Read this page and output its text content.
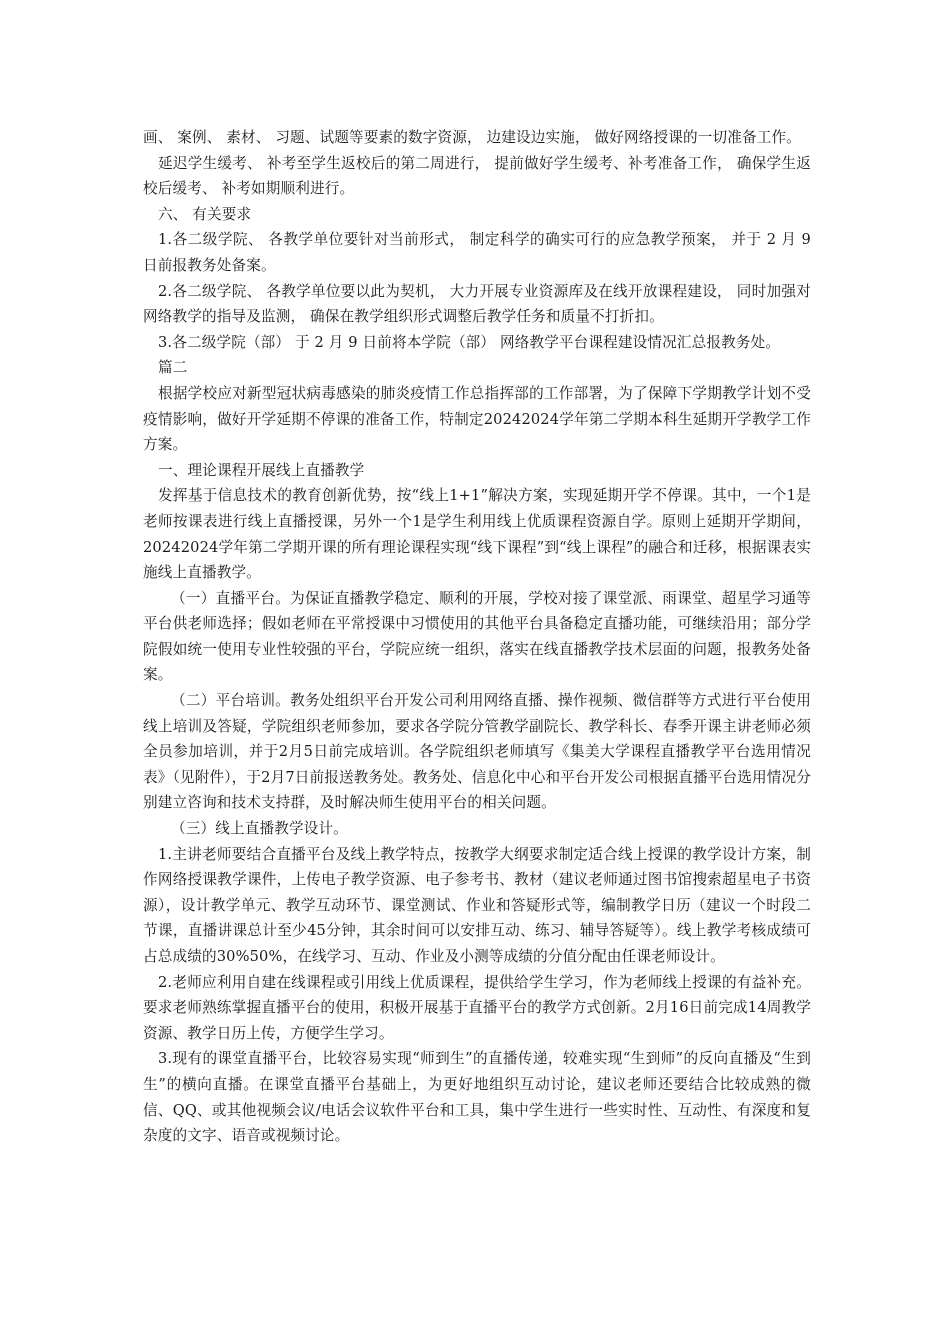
画、 案例、 素材、 习题、试题等要素的数字资源， 边建设边实施， 做好网络授课的一切准备工作。

延迟学生缓考、 补考至学生返校后的第二周进行， 提前做好学生缓考、补考准备工作， 确保学生返校后缓考、 补考如期顺利进行。

六、 有关要求

1.各二级学院、 各教学单位要针对当前形式， 制定科学的确实可行的应急教学预案， 并于 2 月 9 日前报教务处备案。

2.各二级学院、 各教学单位要以此为契机， 大力开展专业资源库及在线开放课程建设， 同时加强对网络教学的指导及监测， 确保在教学组织形式调整后教学任务和质量不打折扣。

3.各二级学院（部） 于 2 月 9 日前将本学院（部） 网络教学平台课程建设情况汇总报教务处。

篇二

根据学校应对新型冠状病毒感染的肺炎疫情工作总指挥部的工作部署，为了保障下学期教学计划不受疫情影响，做好开学延期不停课的准备工作，特制定20242024学年第二学期本科生延期开学教学工作方案。

一、理论课程开展线上直播教学

发挥基于信息技术的教育创新优势，按“线上1+1”解决方案，实现延期开学不停课。其中，一个1是老师按课表进行线上直播授课，另外一个1是学生利用线上优质课程资源自学。原则上延期开学期间，20242024学年第二学期开课的所有理论课程实现“线下课程”到“线上课程”的融合和迁移，根据课表实施线上直播教学。

（一）直播平台。为保证直播教学稳定、顺利的开展，学校对接了课堂派、雨课堂、超星学习通等平台供老师选择；假如老师在平常授课中习惯使用的其他平台具备稳定直播功能，可继续沿用；部分学院假如统一使用专业性较强的平台，学院应统一组织，落实在线直播教学技术层面的问题，报教务处备案。

（二）平台培训。教务处组织平台开发公司利用网络直播、操作视频、微信群等方式进行平台使用线上培训及答疑，学院组织老师参加，要求各学院分管教学副院长、教学科长、春季开课主讲老师必须全员参加培训，并于2月5日前完成培训。各学院组织老师填写《集美大学课程直播教学平台选用情况表》（见附件），于2月7日前报送教务处。教务处、信息化中心和平台开发公司根据直播平台选用情况分别建立咨询和技术支持群，及时解决师生使用平台的相关问题。

（三）线上直播教学设计。

1.主讲老师要结合直播平台及线上教学特点，按教学大纲要求制定适合线上授课的教学设计方案，制作网络授课教学课件，上传电子教学资源、电子参考书、教材（建议老师通过图书馆搜索超星电子书资源），设计教学单元、教学互动环节、课堂测试、作业和答疑形式等，编制教学日历（建议一个时段二节课，直播讲课总计至少45分钟，其余时间可以安排互动、练习、辅导答疑等）。线上教学考核成绩可占总成绩的30%50%，在线学习、互动、作业及小测等成绩的分值分配由任课老师设计。

2.老师应利用自建在线课程或引用线上优质课程，提供给学生学习，作为老师线上授课的有益补充。要求老师熟练掌握直播平台的使用，积极开展基于直播平台的教学方式创新。2月16日前完成14周教学资源、教学日历上传，方便学生学习。

3.现有的课堂直播平台，比较容易实现“师到生”的直播传递，较难实现“生到师”的反向直播及“生到生”的横向直播。在课堂直播平台基础上，为更好地组织互动讨论，建议老师还要结合比较成熟的微信、QQ、或其他视频会议/电话会议软件平台和工具，集中学生进行一些实时性、互动性、有深度和复杂度的文字、语音或视频讨论。
